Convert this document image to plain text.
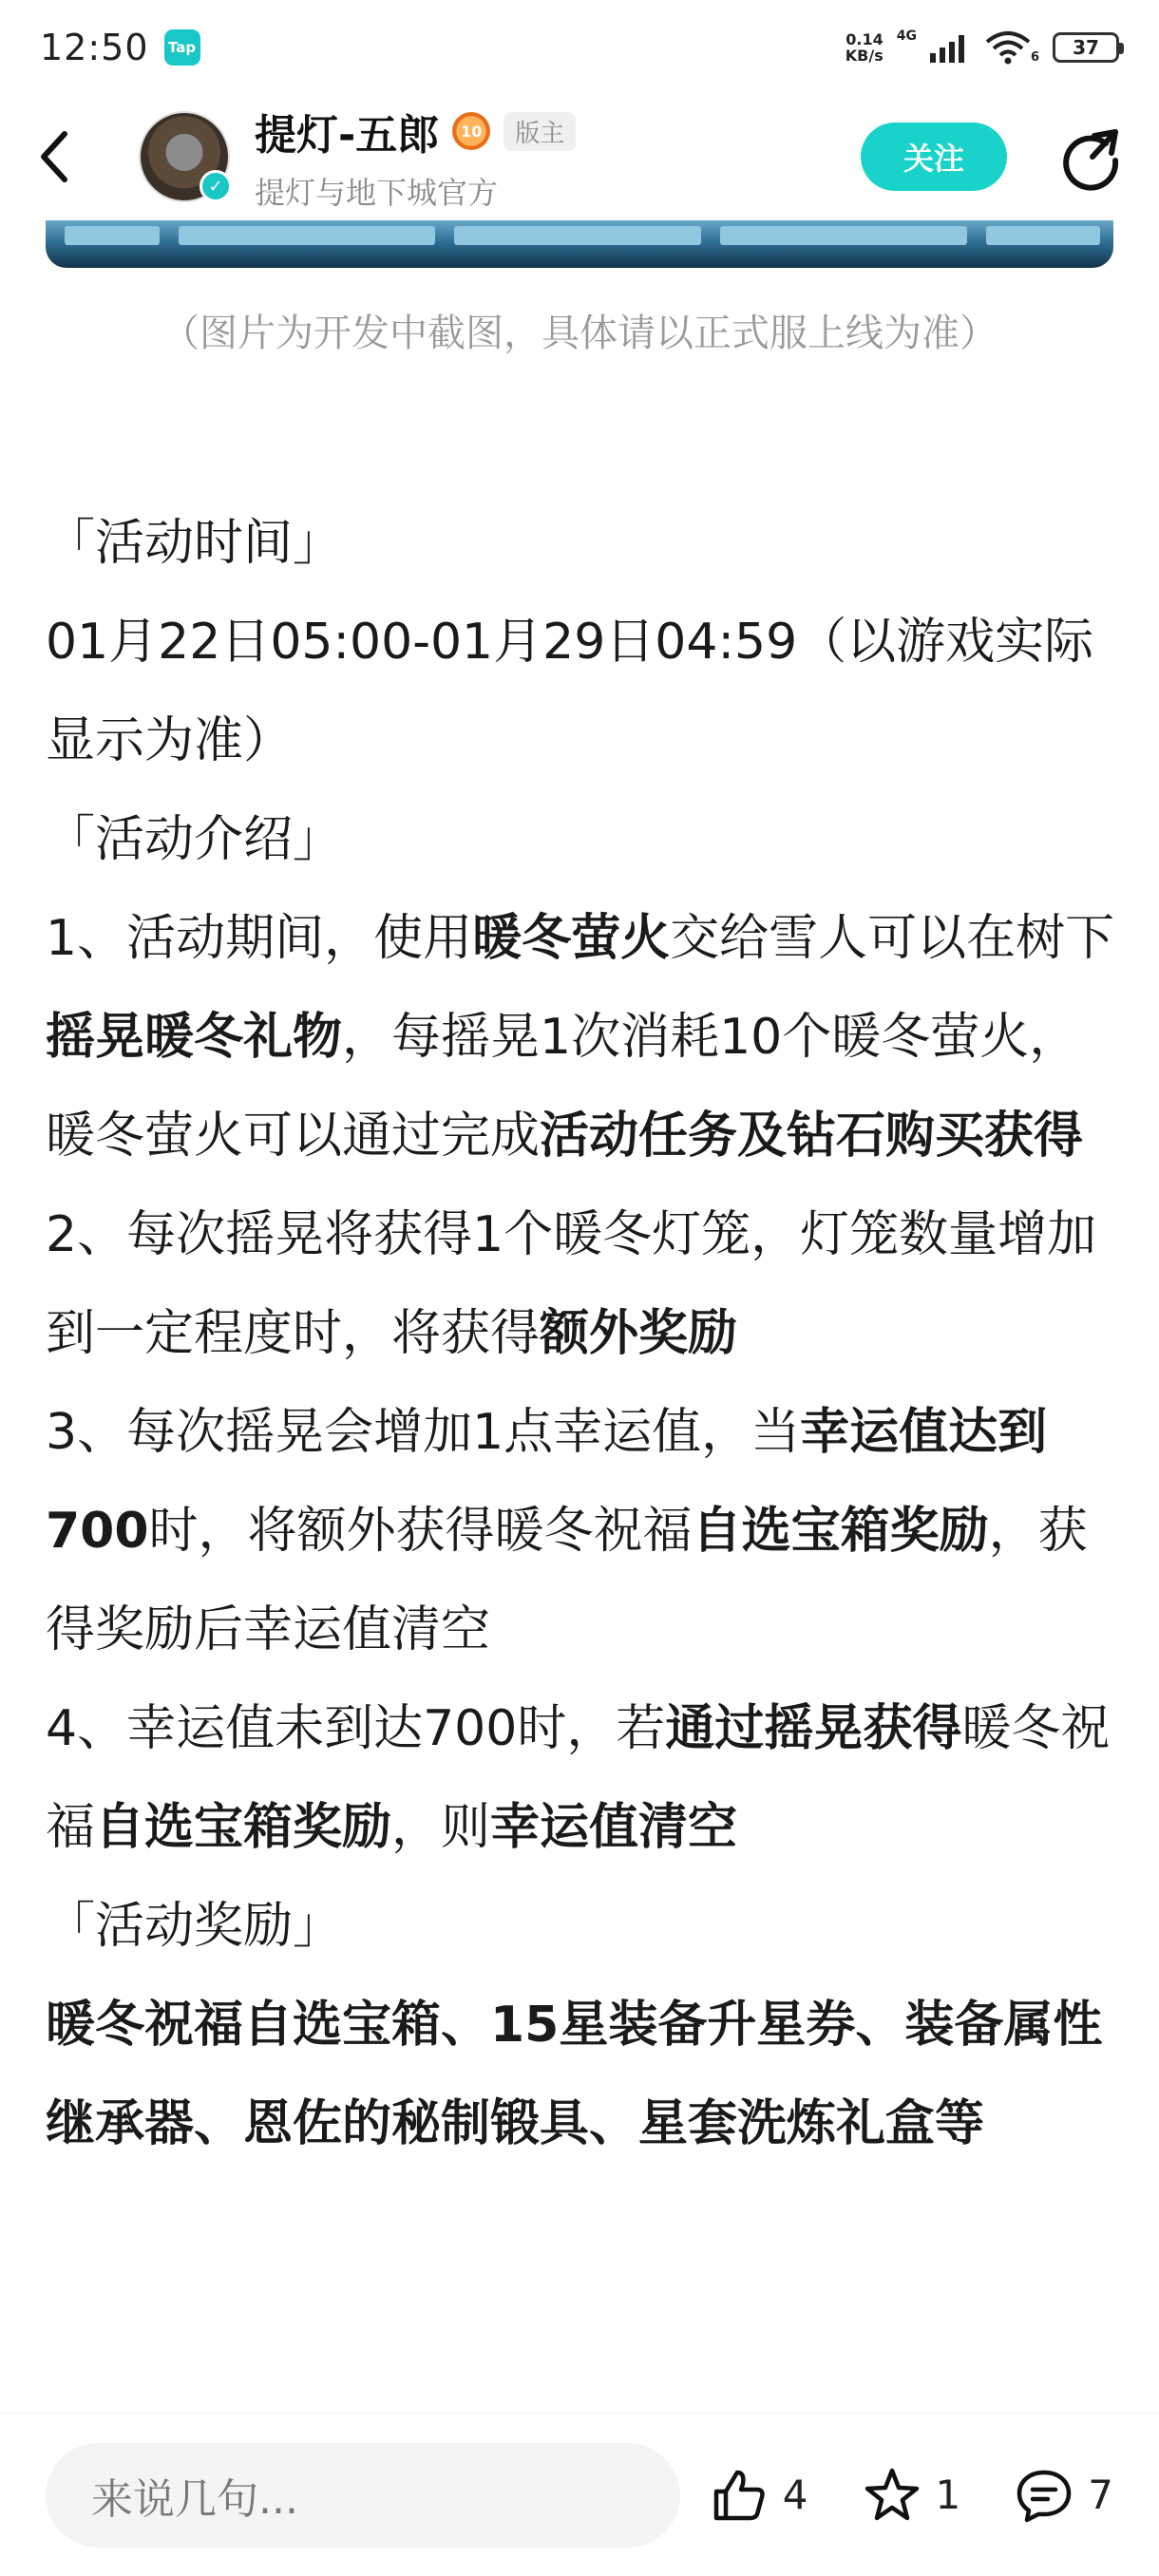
12:50 Tap	0.14
KB/s
4G
6	37
✓
提灯-五郎	10	版主
提灯与地下城官方
关注
（图片为开发中截图，具体请以正式服上线为准）

「活动时间」

01月22日05:00-01月29日04:59（以游戏实际显示为准）

「活动介绍」

1、活动期间，使用暖冬萤火交给雪人可以在树下摇晃暖冬礼物，每摇晃1次消耗10个暖冬萤火，暖冬萤火可以通过完成活动任务及钻石购买获得

2、每次摇晃将获得1个暖冬灯笼，灯笼数量增加到一定程度时，将获得额外奖励

3、每次摇晃会增加1点幸运值，当幸运值达到700时，将额外获得暖冬祝福自选宝箱奖励，获得奖励后幸运值清空

4、幸运值未到达700时，若通过摇晃获得暖冬祝福自选宝箱奖励，则幸运值清空

「活动奖励」

暖冬祝福自选宝箱、15星装备升星券、装备属性继承器、恩佐的秘制锻具、星套洗炼礼盒等

来说几句...	4	1	7
